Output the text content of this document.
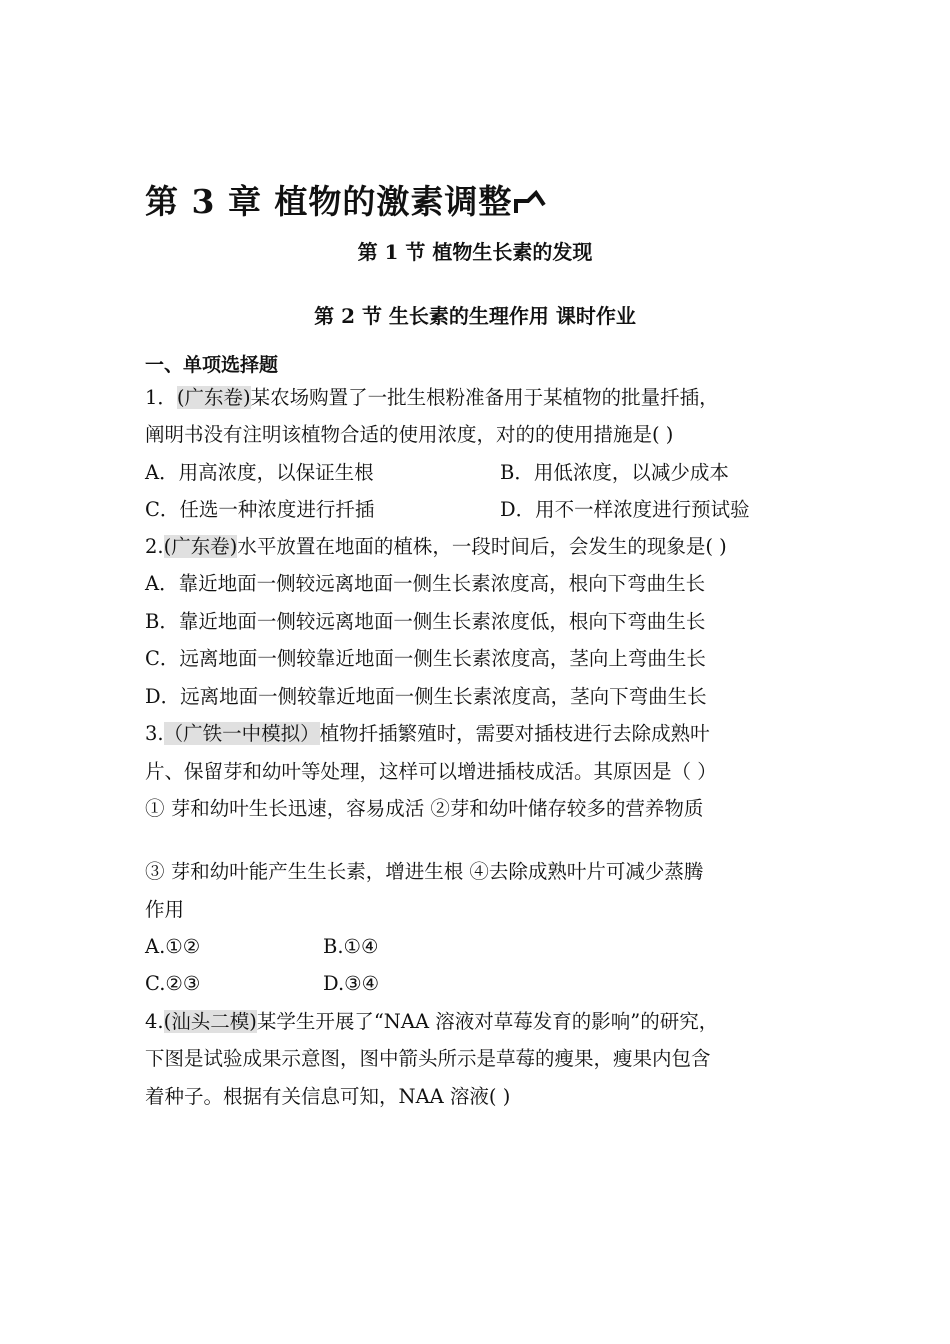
第 3 章 植物的激素调整
第 1 节 植物生长素的发现
第 2 节 生长素的生理作用 课时作业
一、单项选择题
1．(广东卷)某农场购置了一批生根粉准备用于某植物的批量扦插，
阐明书没有注明该植物合适的使用浓度，对的的使用措施是( )
A．用高浓度，以保证生根	B．用低浓度，以减少成本
C．任选一种浓度进行扦插	D．用不一样浓度进行预试验
2.(广东卷)水平放置在地面的植株，一段时间后，会发生的现象是( )
A．靠近地面一侧较远离地面一侧生长素浓度高，根向下弯曲生长
B．靠近地面一侧较远离地面一侧生长素浓度低，根向下弯曲生长
C．远离地面一侧较靠近地面一侧生长素浓度高，茎向上弯曲生长
D．远离地面一侧较靠近地面一侧生长素浓度高，茎向下弯曲生长
3.（广铁一中模拟）植物扦插繁殖时，需要对插枝进行去除成熟叶
片、保留芽和幼叶等处理，这样可以增进插枝成活。其原因是（ ）
① 芽和幼叶生长迅速，容易成活 ②芽和幼叶储存较多的营养物质
③ 芽和幼叶能产生生长素，增进生根 ④去除成熟叶片可减少蒸腾
作用
A.①②	B.①④
C.②③	D.③④
4.(汕头二模)某学生开展了“NAA 溶液对草莓发育的影响”的研究，
下图是试验成果示意图，图中箭头所示是草莓的瘦果，瘦果内包含
着种子。根据有关信息可知，NAA 溶液( )
